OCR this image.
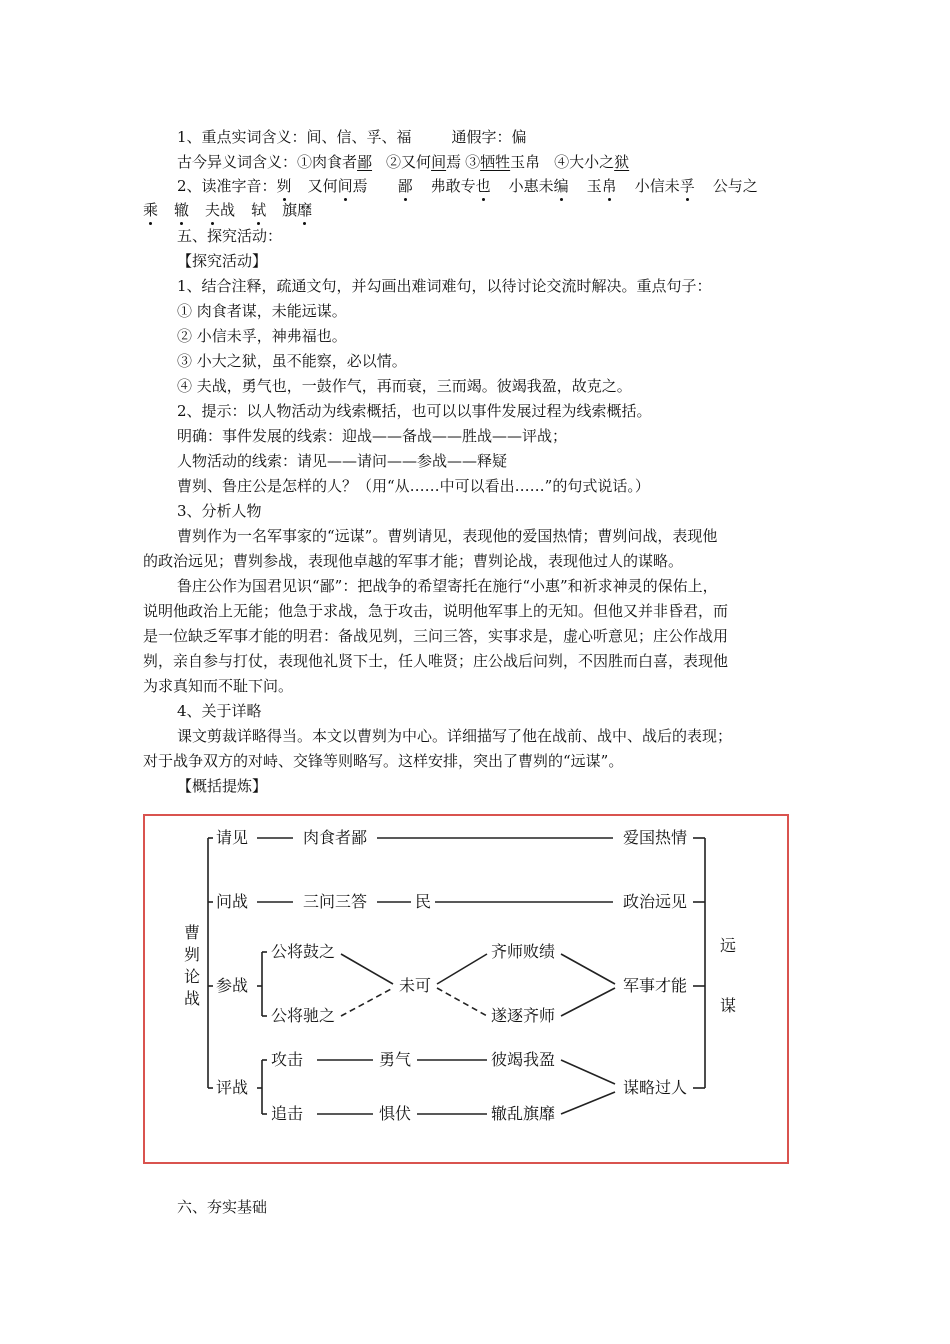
1、重点实词含义：间、信、孚、福	通假字：偏
古今异义词含义：①肉食者鄙 ②又何间焉 ③牺牲玉帛 ④大小之狱
2、读准字音：刿 又何间焉 鄙 弗敢专也 小惠未编 玉帛 小信未孚 公与之
乘 辙 夫战 轼 旗靡
五、探究活动：
【探究活动】
1、结合注释，疏通文句，并勾画出难词难句，以待讨论交流时解决。重点句子：
① 肉食者谋，未能远谋。
② 小信未孚，神弗福也。
③ 小大之狱，虽不能察，必以情。
④ 夫战，勇气也，一鼓作气，再而衰，三而竭。彼竭我盈，故克之。
2、提示：以人物活动为线索概括，也可以以事件发展过程为线索概括。
明确：事件发展的线索：迎战——备战——胜战——评战；
人物活动的线索：请见——请问——参战——释疑
曹刿、鲁庄公是怎样的人？（用“从……中可以看出……”的句式说话。）
3、分析人物
曹刿作为一名军事家的“远谋”。曹刿请见，表现他的爱国热情；曹刿问战，表现他
的政治远见；曹刿参战，表现他卓越的军事才能；曹刿论战，表现他过人的谋略。
鲁庄公作为国君见识“鄙”：把战争的希望寄托在施行“小惠”和祈求神灵的保佑上，
说明他政治上无能；他急于求战，急于攻击，说明他军事上的无知。但他又并非昏君，而
是一位缺乏军事才能的明君：备战见刿，三问三答，实事求是，虚心听意见；庄公作战用
刿，亲自参与打仗，表现他礼贤下士，任人唯贤；庄公战后问刿，不因胜而白喜，表现他
为求真知而不耻下问。
4、关于详略
课文剪裁详略得当。本文以曹刿为中心。详细描写了他在战前、战中、战后的表现；
对于战争双方的对峙、交锋等则略写。这样安排，突出了曹刿的“远谋”。
【概括提炼】
曹刿论战
远谋
请见	肉食者鄙	爱国热情
问战	三问三答	民	政治远见
参战
公将鼓之
公将驰之
未可
齐师败绩
遂逐齐师
军事才能
评战
攻击
追击
勇气
惧伏
彼竭我盈
辙乱旗靡
谋略过人
六、夯实基础
